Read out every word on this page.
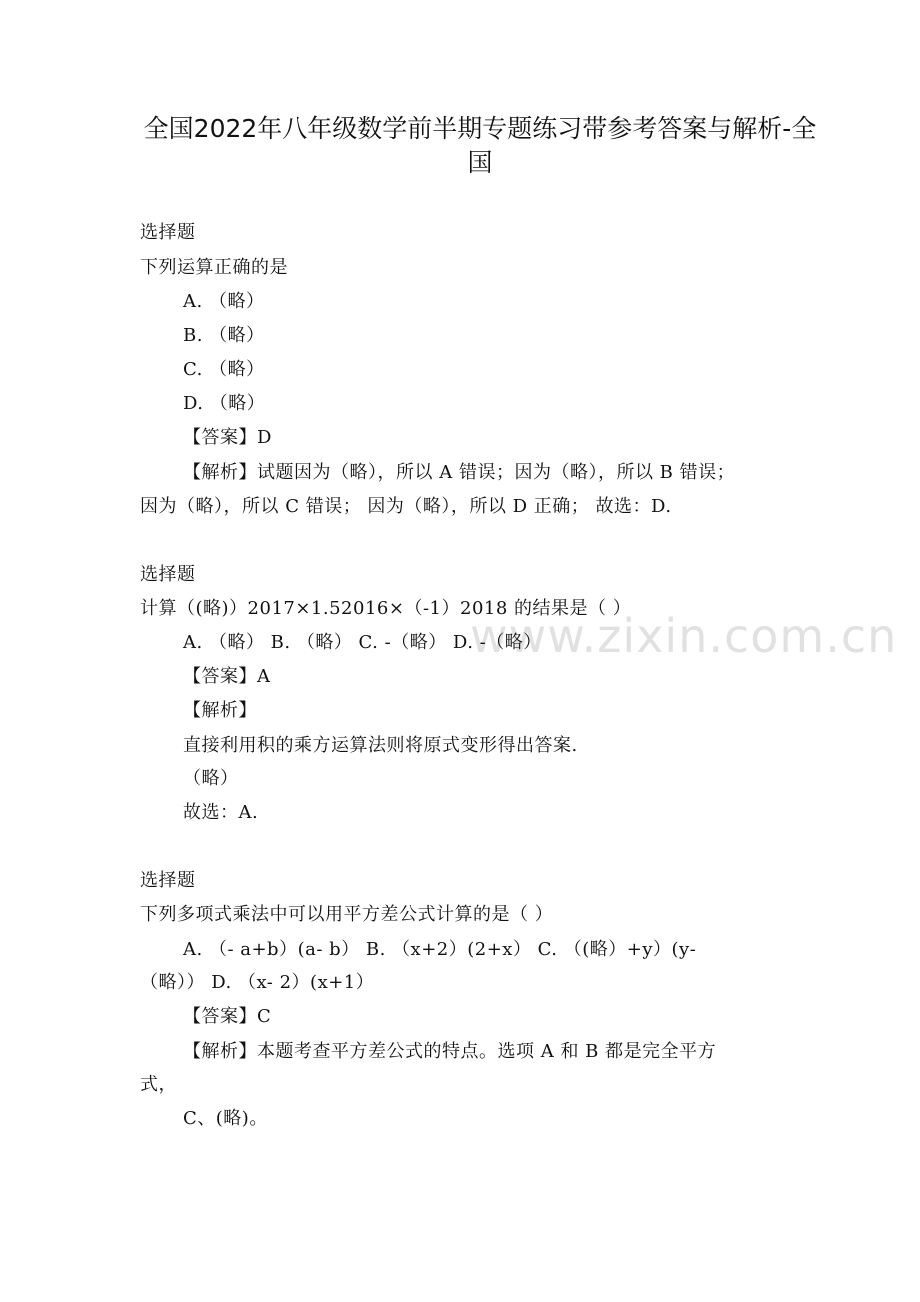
全国2022年八年级数学前半期专题练习带参考答案与解析-全国
选择题
下列运算正确的是
A. （略）
B. （略）
C. （略）
D. （略）
【答案】D
【解析】试题因为（略），所以 A 错误；因为（略），所以 B 错误；
因为（略），所以 C 错误； 因为（略），所以 D 正确； 故选：D.
选择题
计算（(略)）2017×1.52016×（-1）2018 的结果是（ ）
www.zixin.com.cn
A. （略） B. （略） C. -（略） D. -（略）
【答案】A
【解析】
直接利用积的乘方运算法则将原式变形得出答案.
（略）
故选：A.
选择题
下列多项式乘法中可以用平方差公式计算的是（ ）
A. （- a+b）(a- b） B. （x+2）(2+x） C. （(略）+y）(y-
（略）） D. （x- 2）(x+1）
【答案】C
【解析】本题考查平方差公式的特点。选项 A 和 B 都是完全平方
式，
C、(略)。
